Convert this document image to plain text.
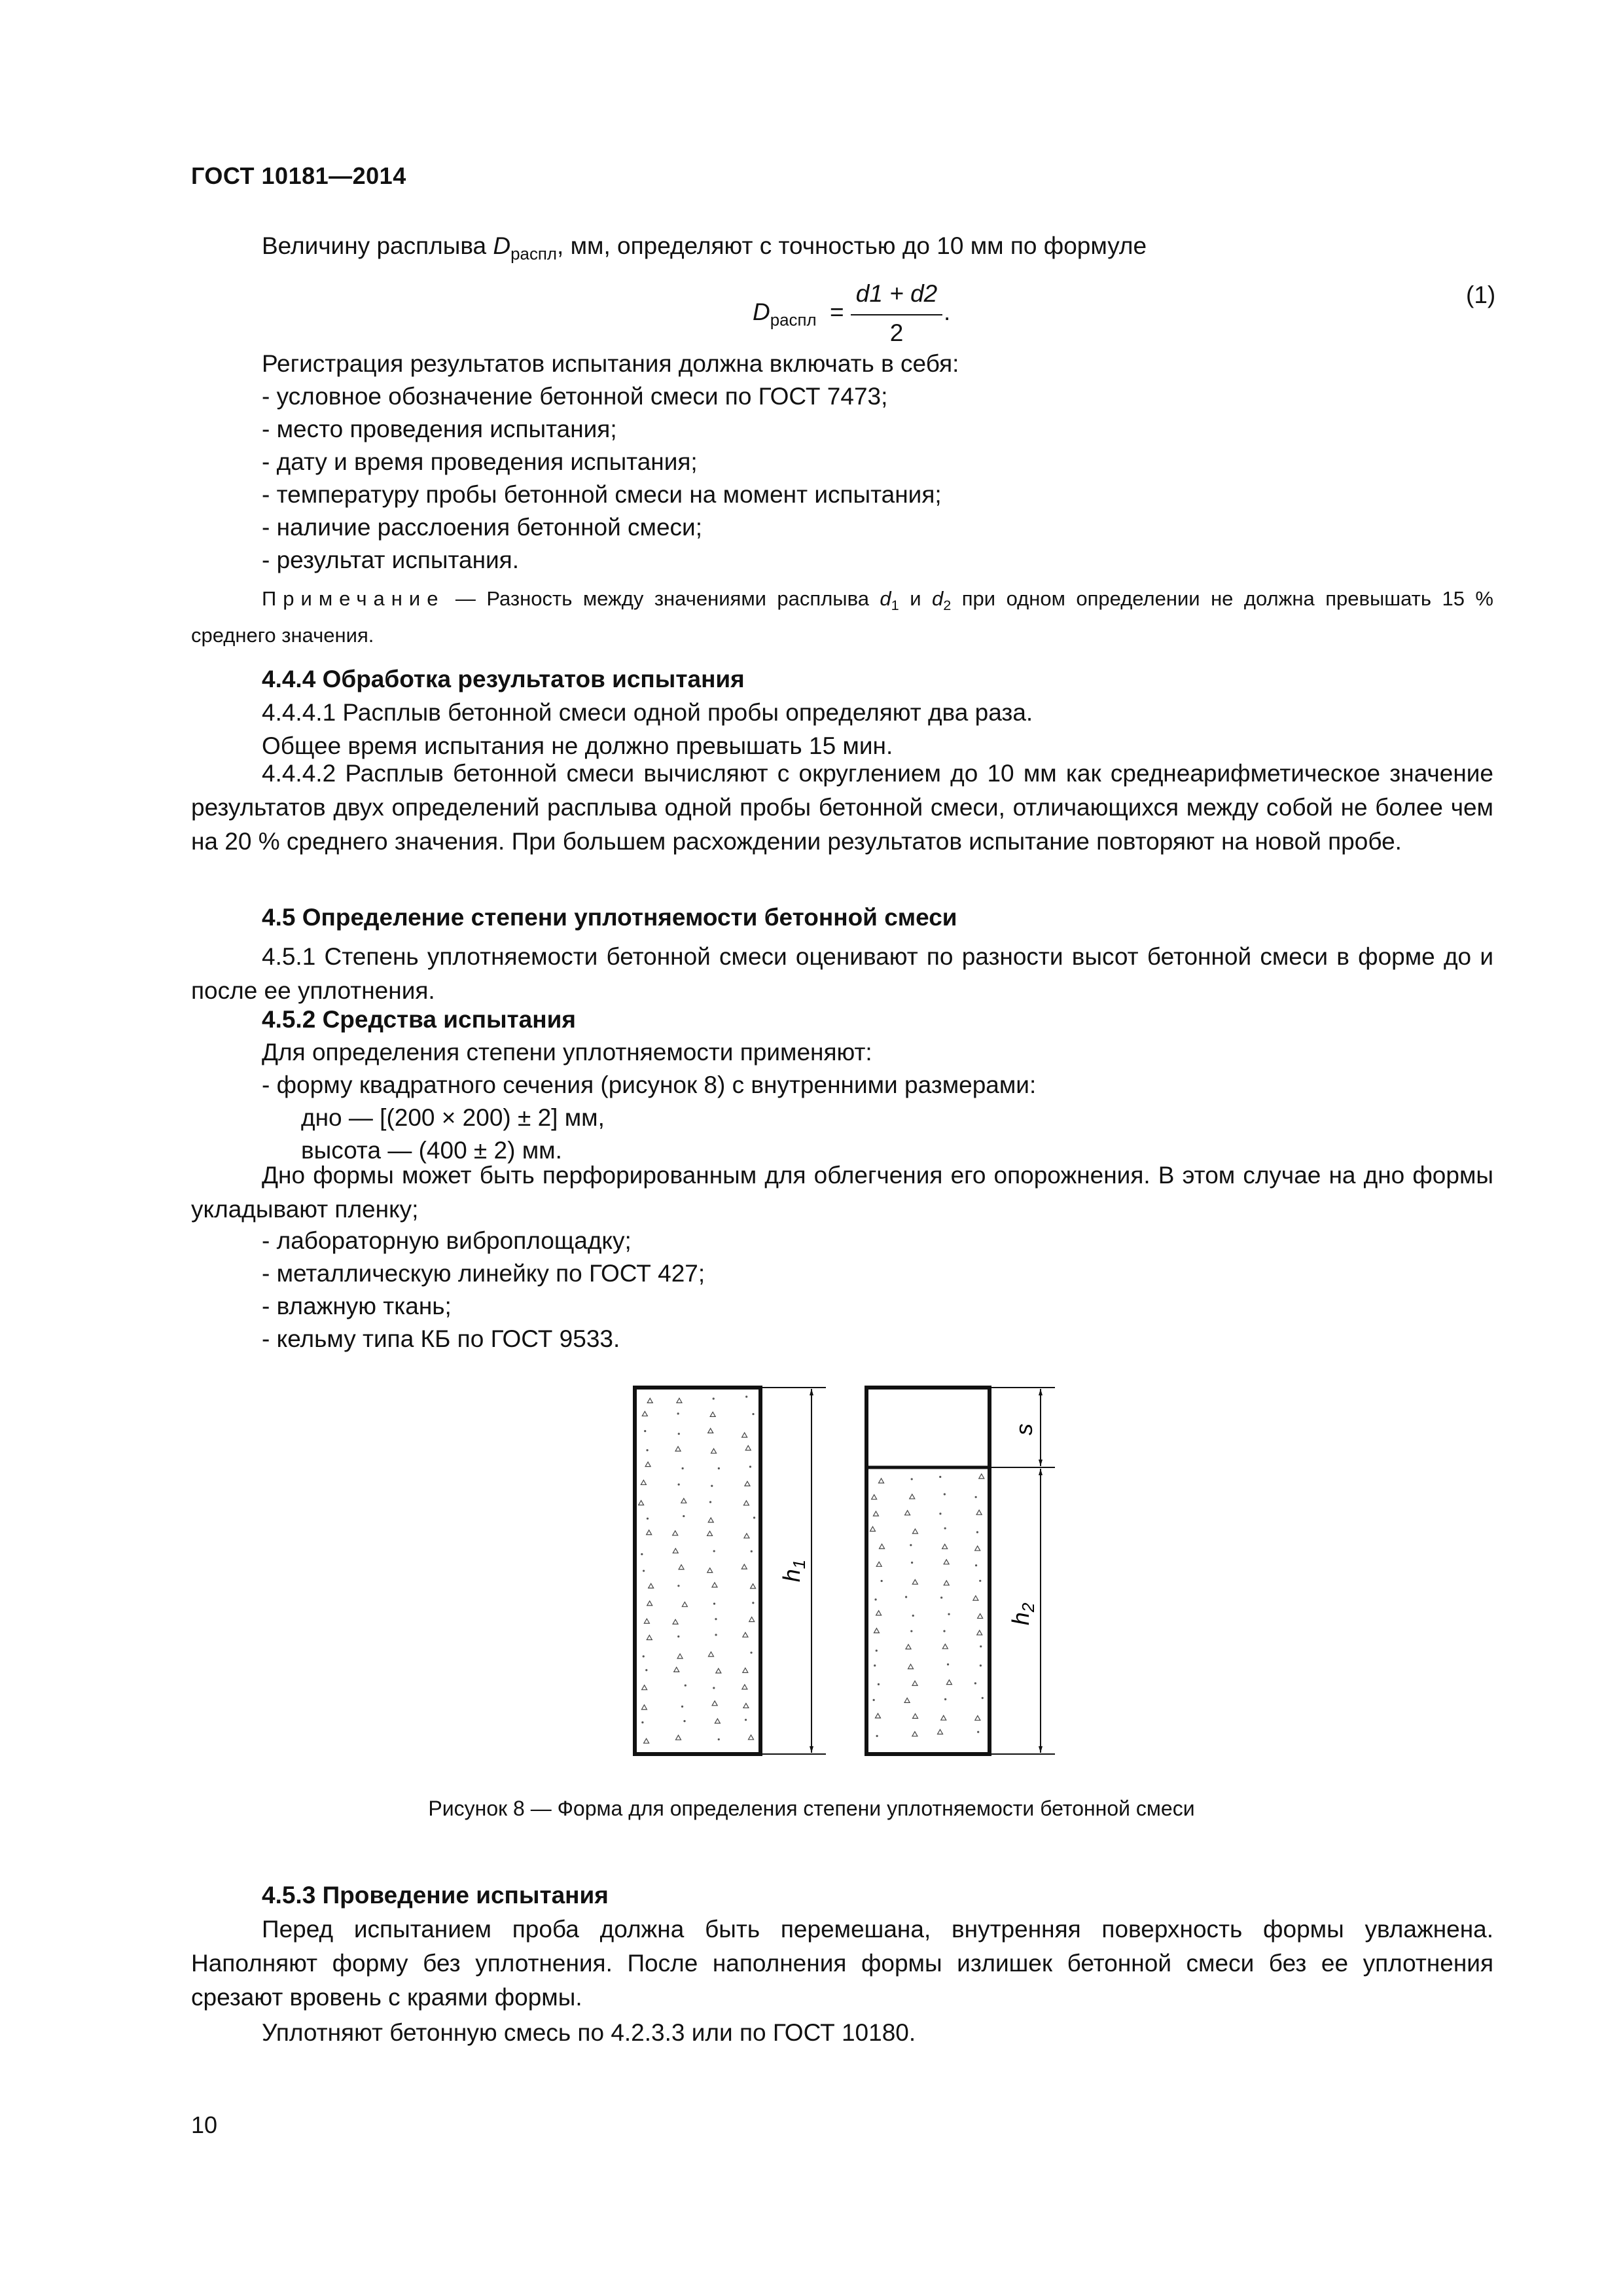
ГОСТ 10181—2014
Величину расплыва $D_{раcпл}$, мм, определяют с точностью до 10 мм по формуле
$D_{раcпл}$ =
d1 + d2
2
.
(1)
Регистрация результатов испытания должна включать в себя:
- условное обозначение бетонной смеси по ГОСТ 7473;
- место проведения испытания;
- дату и время проведения испытания;
- температуру пробы бетонной смеси на момент испытания;
- наличие расслоения бетонной смеси;
- результат испытания.
Примечание — Разность между значениями расплыва $d_1$ и $d_2$ при одном определении не должна превышать 15 % среднего значения.
4.4.4 Обработка результатов испытания
4.4.4.1 Расплыв бетонной смеси одной пробы определяют два раза.
Общее время испытания не должно превышать 15 мин.
4.4.4.2 Расплыв бетонной смеси вычисляют с округлением до 10 мм как среднеарифметическое значение результатов двух определений расплыва одной пробы бетонной смеси, отличающихся между собой не более чем на 20 % среднего значения. При большем расхождении результатов испытание повторяют на новой пробе.
4.5 Определение степени уплотняемости бетонной смеси
4.5.1 Степень уплотняемости бетонной смеси оценивают по разности высот бетонной смеси в форме до и после ее уплотнения.
4.5.2 Средства испытания
Для определения степени уплотняемости применяют:
- форму квадратного сечения (рисунок 8) с внутренними размерами:
дно — [(200 × 200) ± 2] мм,
высота — (400 ± 2) мм.
Дно формы может быть перфорированным для облегчения его опорожнения. В этом случае на дно формы укладывают пленку;
- лабораторную виброплощадку;
- металлическую линейку по ГОСТ 427;
- влажную ткань;
- кельму типа КБ по ГОСТ 9533.
$h_1$
s
$h_2$
Рисунок 8 — Форма для определения степени уплотняемости бетонной смеси
4.5.3 Проведение испытания
Перед испытанием проба должна быть перемешана, внутренняя поверхность формы увлажнена. Наполняют форму без уплотнения. После наполнения формы излишек бетонной смеси без ее уплотнения срезают вровень с краями формы.
Уплотняют бетонную смесь по 4.2.3.3 или по ГОСТ 10180.
10
